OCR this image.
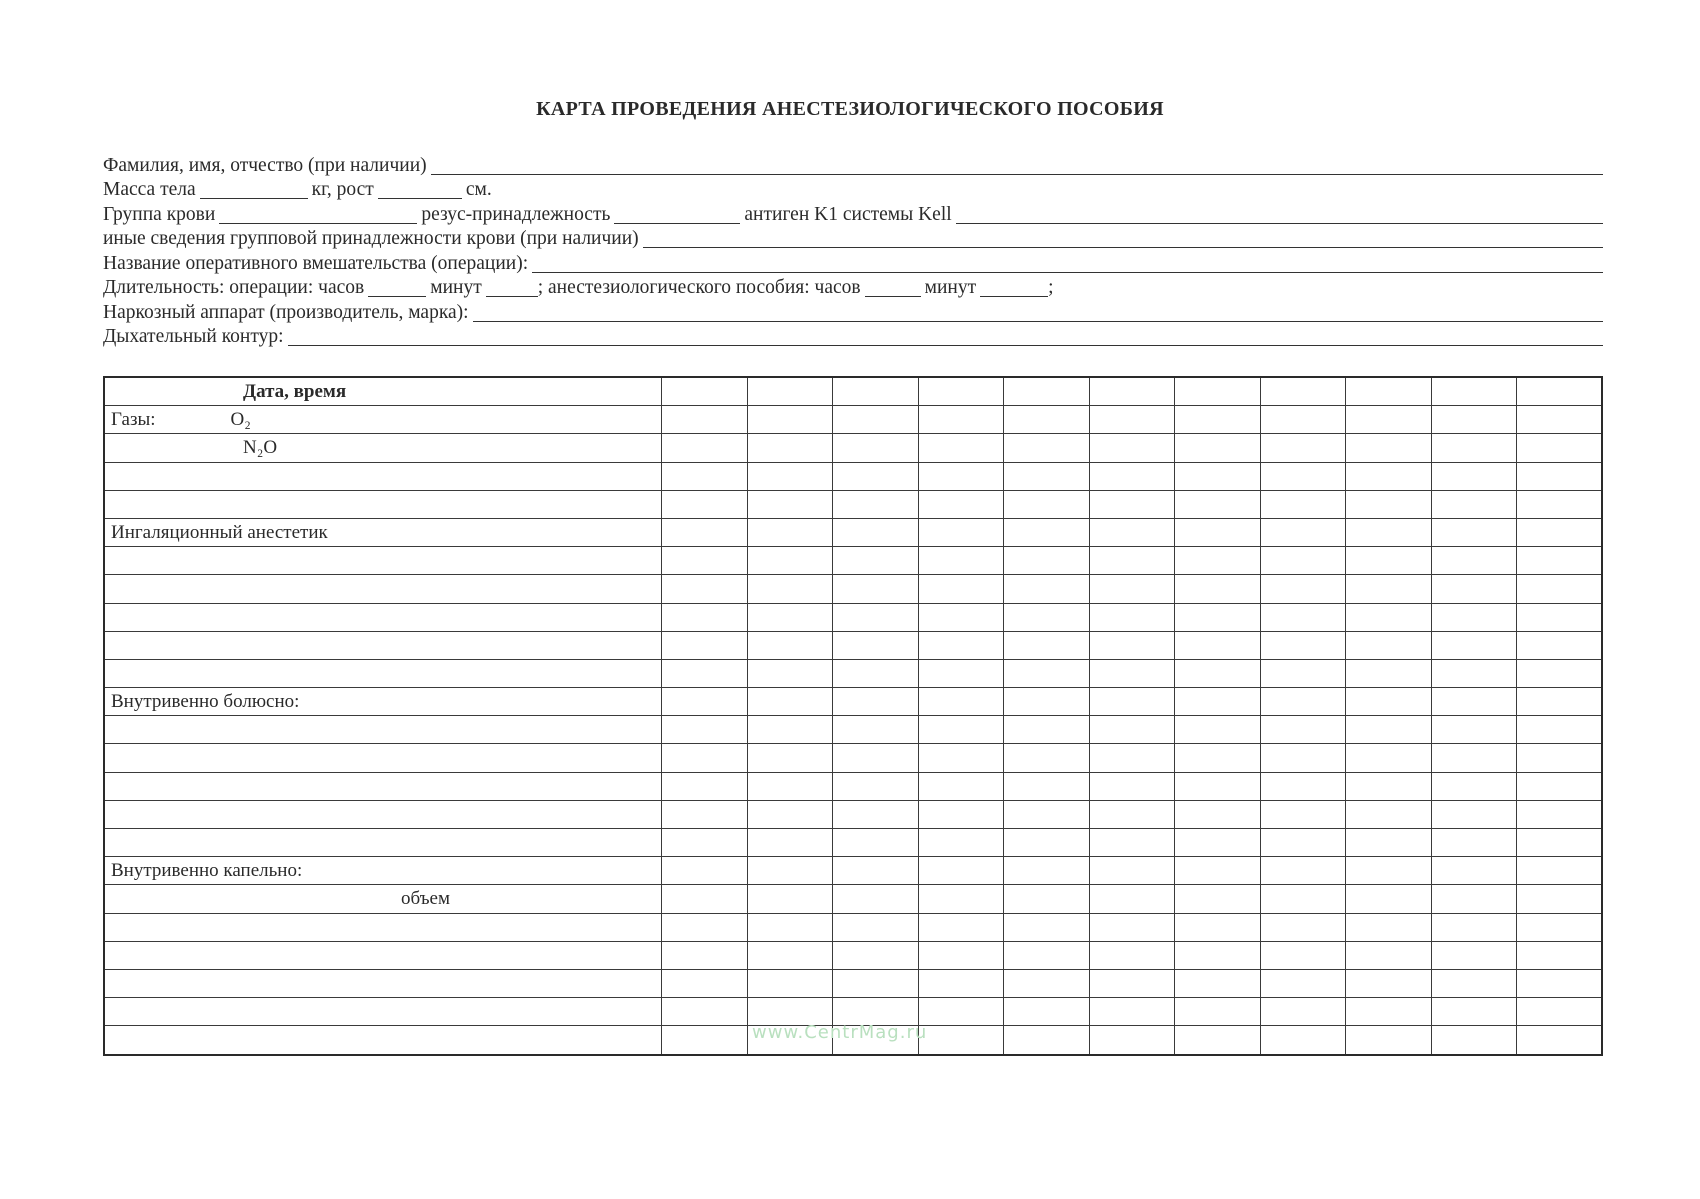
КАРТА ПРОВЕДЕНИЯ АНЕСТЕЗИОЛОГИЧЕСКОГО ПОСОБИЯ
Фамилия, имя, отчество (при наличии)
Масса тела	кг, рост	см.
Группа крови	резус-принадлежность	антиген K1 системы Kell
иные сведения групповой принадлежности крови (при наличии)
Название оперативного вмешательства (операции):
Длительность: операции: часов	минут	; анестезиологического пособия: часов	минут	;
Наркозный аппарат (производитель, марка):
Дыхательный контур:
Дата, время											
Газы: O₂											
N₂O											

Ингаляционный анестетик											

Внутривенно болюсно:											

Внутривенно капельно:											
объем											

www.CentrMag.ru
